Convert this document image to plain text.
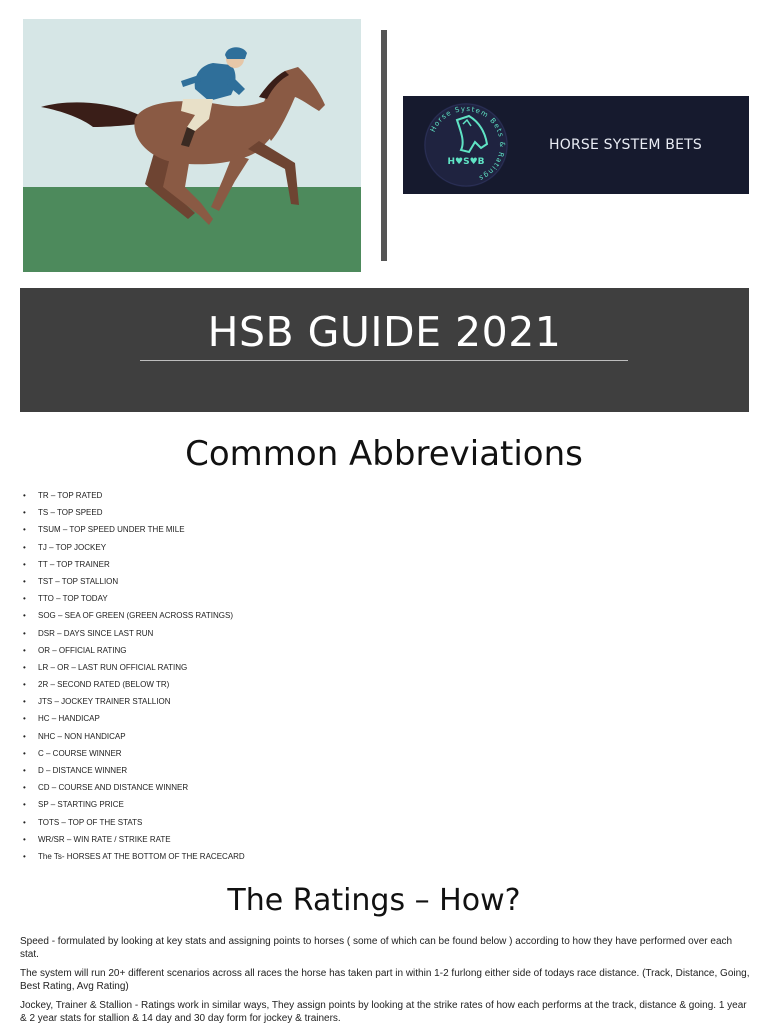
Horse System Bets & Ratings
H♥S♥B
HORSE SYSTEM BETS
HSB GUIDE 2021
Common Abbreviations
• TR – TOP RATED
• TS – TOP SPEED
• TSUM – TOP SPEED UNDER THE MILE
• TJ – TOP JOCKEY
• TT – TOP TRAINER
• TST – TOP STALLION
• TTO – TOP TODAY
• SOG – SEA OF GREEN (GREEN ACROSS RATINGS)
• DSR – DAYS SINCE LAST RUN
• OR – OFFICIAL RATING
• LR – OR – LAST RUN OFFICIAL RATING
• 2R – SECOND RATED (BELOW TR)
• JTS – JOCKEY TRAINER STALLION
• HC – HANDICAP
• NHC – NON HANDICAP
• C – COURSE WINNER
• D – DISTANCE WINNER
• CD – COURSE AND DISTANCE WINNER
• SP – STARTING PRICE
• TOTS – TOP OF THE STATS
• WR/SR – WIN RATE / STRIKE RATE
• The Ts- HORSES AT THE BOTTOM OF THE RACECARD
The Ratings – How?

Speed - formulated by looking at key stats and assigning points to horses ( some of which can be found below ) according to how they have performed over each stat.

The system will run 20+ different scenarios across all races the horse has taken part in within 1-2 furlong either side of todays race distance. (Track, Distance, Going, Best Rating, Avg Rating)

Jockey, Trainer & Stallion - Ratings work in similar ways, They assign points by looking at the strike rates of how each performs at the track, distance & going. 1 year & 2 year stats for stallion & 14 day and 30 day form for jockey & trainers.
